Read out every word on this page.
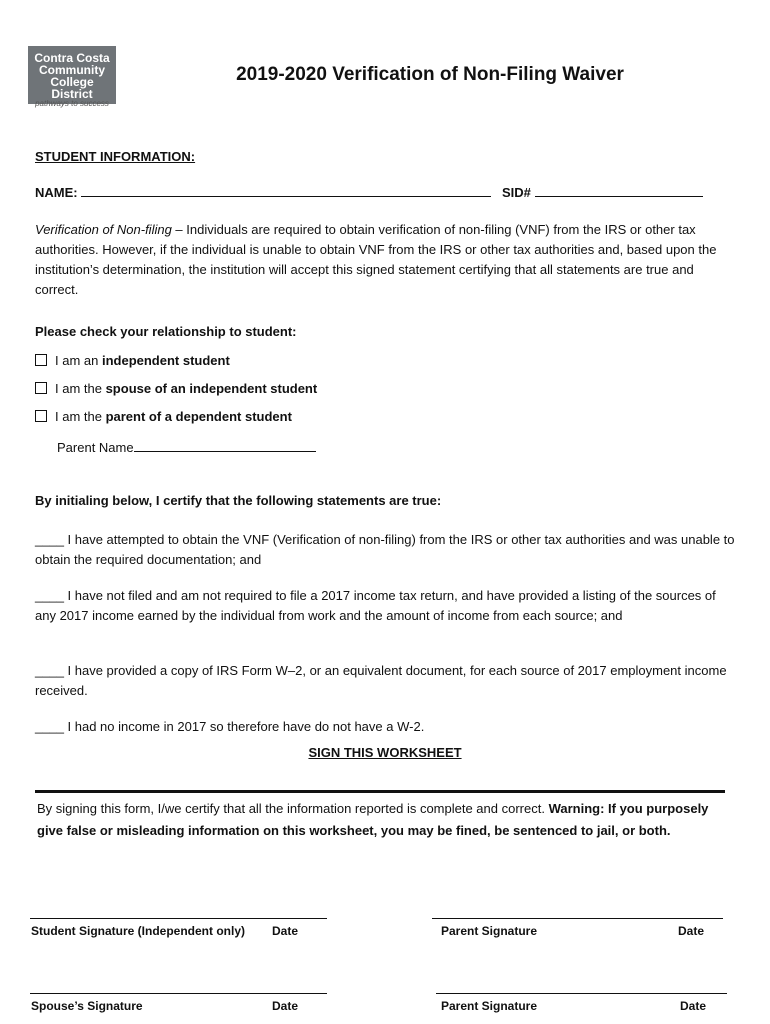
Contra Costa
Community
College District
pathways to success
2019-2020 Verification of Non-Filing Waiver
STUDENT INFORMATION:
NAME:	SID#

Verification of Non-filing – Individuals are required to obtain verification of non-filing (VNF) from the IRS or other tax authorities. However, if the individual is unable to obtain VNF from the IRS or other tax authorities and, based upon the institution’s determination, the institution will accept this signed statement certifying that all statements are true and correct.

Please check your relationship to student:
I am an independent student
I am the spouse of an independent student
I am the parent of a dependent student
Parent Name
By initialing below, I certify that the following statements are true:

____ I have attempted to obtain the VNF (Verification of non-filing) from the IRS or other tax authorities and was unable to obtain the required documentation; and

____ I have not filed and am not required to file a 2017 income tax return, and have provided a listing of the sources of any 2017 income earned by the individual from work and the amount of income from each source; and

____ I have provided a copy of IRS Form W–2, or an equivalent document, for each source of 2017 employment income received.

____ I had no income in 2017 so therefore have do not have a W-2.

SIGN THIS WORKSHEET

By signing this form, I/we certify that all the information reported is complete and correct. Warning: If you purposely give false or misleading information on this worksheet, you may be fined, be sentenced to jail, or both.

Student Signature (Independent only) Date	Parent Signature	Date
Spouse’s Signature	Date	Parent Signature	Date
